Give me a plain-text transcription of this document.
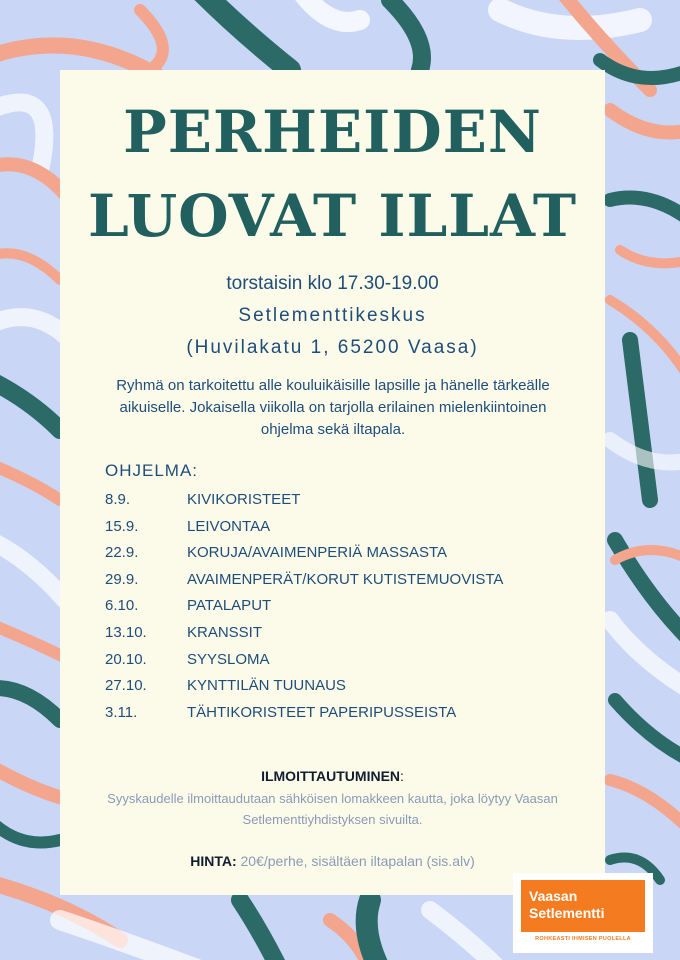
PERHEIDEN
LUOVAT ILLAT
torstaisin klo 17.30-19.00
Setlementtikeskus
(Huvilakatu 1, 65200 Vaasa)
Ryhmä on tarkoitettu alle kouluikäisille lapsille ja hänelle tärkeälle aikuiselle. Jokaisella viikolla on tarjolla erilainen mielenkiintoinen ohjelma sekä iltapala.
OHJELMA:
8.9.	KIVIKORISTEET
15.9.	LEIVONTAA
22.9.	KORUJA/AVAIMENPERIÄ MASSASTA
29.9.	AVAIMENPERÄT/KORUT KUTISTEMUOVISTA
6.10.	PATALAPUT
13.10.	KRANSSIT
20.10.	SYYSLOMA
27.10.	KYNTTILÄN TUUNAUS
3.11.	TÄHTIKORISTEET PAPERIPUSSEISTA
ILMOITTAUTUMINEN:
Syyskaudelle ilmoittaudutaan sähköisen lomakkeen kautta, joka löytyy Vaasan Setlementtiyhdistyksen sivuilta.
HINTA: 20€/perhe, sisältäen iltapalan (sis.alv)
Vaasan
Setlementti
ROHKEASTI IHMISEN PUOLELLA
